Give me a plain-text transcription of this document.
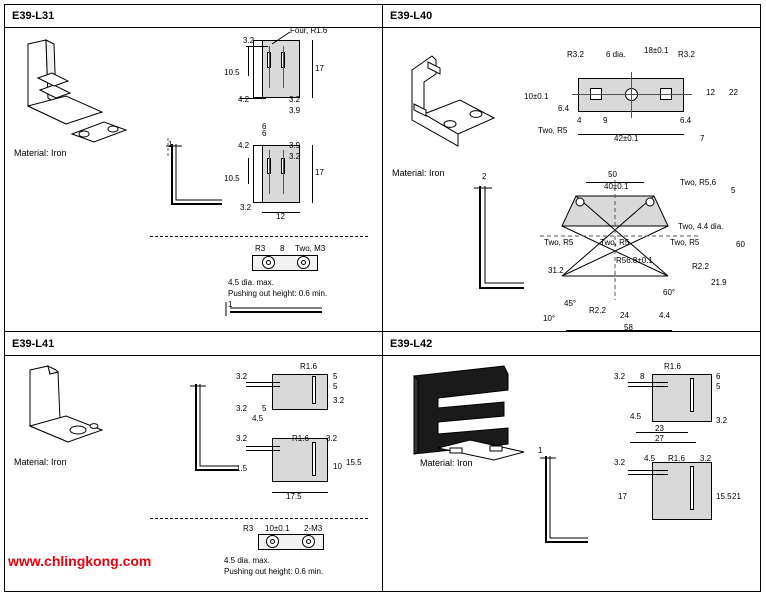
E39-L31
Material: Iron
3.2
10.5
4.2
17
3.2
3.9
6
Four, R1.6
6
4.2	3.9
3.2
10.5
17
3.2
12
1
R3 8 Two, M3
4.5 dia. max.
Pushing out height: 0.6 min.
1
E39-L40
Material: Iron
R3.2	6 dia. 18±0.1 R3.2
10±0.1
6.4
4	9	6.4
42±0.1	7
12 22
Two, R5
50
40±0.1	Two, R5.6
5
60
21.9
R2.2
R56.8±0.1
31.2
45°
10°
R2.2
24	4.4
60°
58
Two, R5	Two, R5
Two, 4.4 dia.
Two, R5
2
E39-L41
Material: Iron
3.2
3.2 5
R1.6
5
5
3.2
4.5
3.2	R1.6 3.2
1.5	10 15.5
17.5
R3 10±0.1 2-M3
4.5 dia. max.
Pushing out height: 0.6 min.
E39-L42
Material: Iron
3.2 8
R1.6
6
5
3.2
4.5
23
27
3.2 4.5 R1.6 3.2
17	15.5 21
1
www.chlingkong.com
